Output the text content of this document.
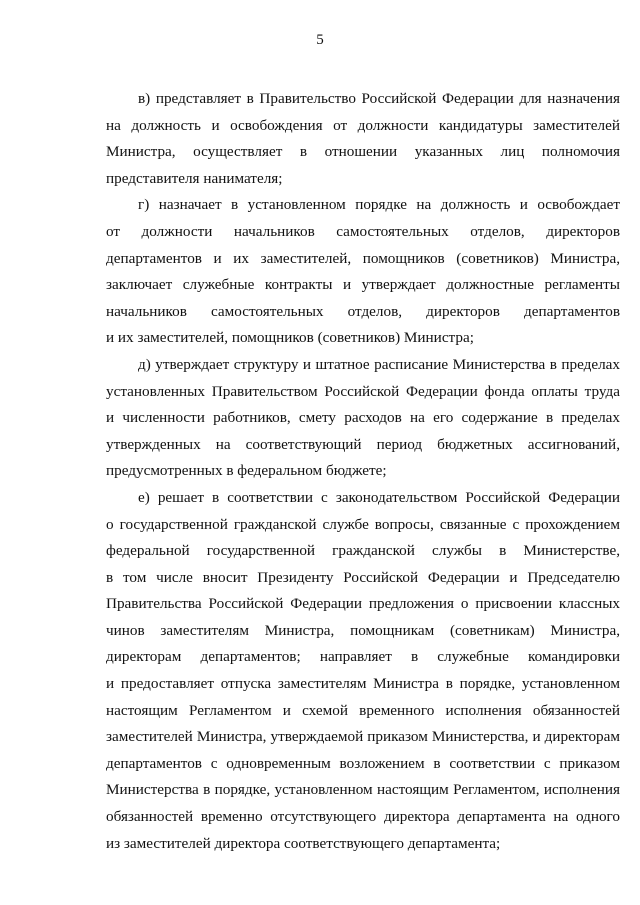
5

в) представляет в Правительство Российской Федерации для назначения
на должность и освобождения от должности кандидатуры заместителей
Министра, осуществляет в отношении указанных лиц полномочия
представителя нанимателя;

г) назначает в установленном порядке на должность и освобождает
от должности начальников самостоятельных отделов, директоров
департаментов и их заместителей, помощников (советников) Министра,
заключает служебные контракты и утверждает должностные регламенты
начальников самостоятельных отделов, директоров департаментов
и их заместителей, помощников (советников) Министра;

д) утверждает структуру и штатное расписание Министерства в пределах
установленных Правительством Российской Федерации фонда оплаты труда
и численности работников, смету расходов на его содержание в пределах
утвержденных на соответствующий период бюджетных ассигнований,
предусмотренных в федеральном бюджете;

е) решает в соответствии с законодательством Российской Федерации
о государственной гражданской службе вопросы, связанные с прохождением
федеральной государственной гражданской службы в Министерстве,
в том числе вносит Президенту Российской Федерации и Председателю
Правительства Российской Федерации предложения о присвоении классных
чинов заместителям Министра, помощникам (советникам) Министра,
директорам департаментов; направляет в служебные командировки
и предоставляет отпуска заместителям Министра в порядке, установленном
настоящим Регламентом и схемой временного исполнения обязанностей
заместителей Министра, утверждаемой приказом Министерства, и директорам
департаментов с одновременным возложением в соответствии с приказом
Министерства в порядке, установленном настоящим Регламентом, исполнения
обязанностей временно отсутствующего директора департамента на одного
из заместителей директора соответствующего департамента;
